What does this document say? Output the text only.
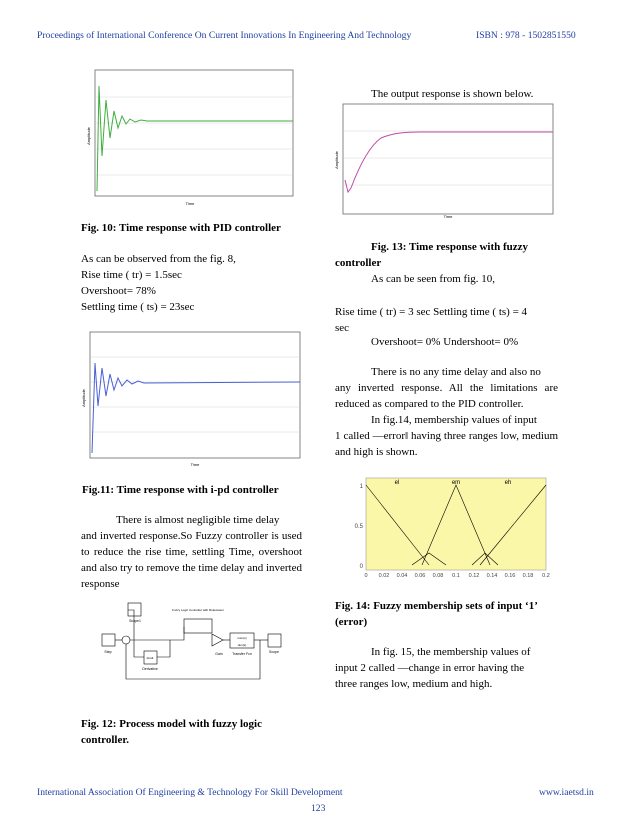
Proceedings of International Conference On Current Innovations In Engineering And Technology	ISBN : 978 - 1502851550
Time
Amplitude
Fig. 10: Time response with PID controller
As can be observed from the fig. 8,
Rise time ( tr) = 1.5sec
Overshoot= 78%
Settling time ( ts) = 23sec
Time
Amplitude
Fig.11: Time response with i-pd controller
There is almost negligible time delay
and inverted response.So Fuzzy controller is used to reduce the rise time, settling Time, overshoot and also try to remove the time delay and inverted response
Scope1
Fuzzy Logic Controller with Ruleviewer
Step	Gain
num(s)
den(s)
Transfer Fcn	Scope
du/dt
Derivative
Fig. 12: Process model with fuzzy logic
controller.
The output response is shown below.
Time
Amplitude
Fig. 13: Time response with fuzzy
controller
As can be seen from fig. 10,
Rise time ( tr) = 3 sec Settling time ( ts) = 4
sec
Overshoot= 0% Undershoot= 0%
There is no any time delay and also no
any inverted response. All the limitations are reduced as compared to the PID controller.
In fig.14, membership values of input
1 called ―error‖ having three ranges low, medium and high is shown.
el	em	eh
1
0.5
0
0 0.02 0.04 0.06 0.08 0.1 0.12 0.14 0.16 0.18 0.2
Fig. 14: Fuzzy membership sets of input ‘1’
(error)
In fig. 15, the membership values of
input 2 called ―change in error having the
three ranges low, medium and high.
International Association Of Engineering & Technology For Skill Development	www.iaetsd.in
123
